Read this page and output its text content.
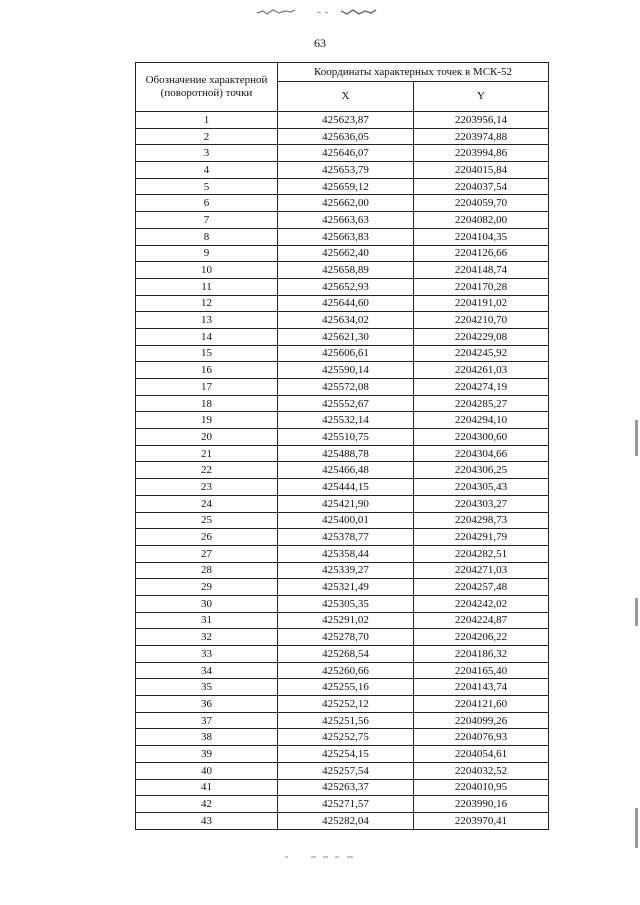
63
Обозначение характерной (поворотной) точки	Координаты характерных точек в МСК-52	
	X	Y
1	425623,87	2203956,14
2	425636,05	2203974,88
3	425646,07	2203994,86
4	425653,79	2204015,84
5	425659,12	2204037,54
6	425662,00	2204059,70
7	425663,63	2204082,00
8	425663,83	2204104,35
9	425662,40	2204126,66
10	425658,89	2204148,74
11	425652,93	2204170,28
12	425644,60	2204191,02
13	425634,02	2204210,70
14	425621,30	2204229,08
15	425606,61	2204245,92
16	425590,14	2204261,03
17	425572,08	2204274,19
18	425552,67	2204285,27
19	425532,14	2204294,10
20	425510,75	2204300,60
21	425488,78	2204304,66
22	425466,48	2204306,25
23	425444,15	2204305,43
24	425421,90	2204303,27
25	425400,01	2204298,73
26	425378,77	2204291,79
27	425358,44	2204282,51
28	425339,27	2204271,03
29	425321,49	2204257,48
30	425305,35	2204242,02
31	425291,02	2204224,87
32	425278,70	2204206,22
33	425268,54	2204186,32
34	425260,66	2204165,40
35	425255,16	2204143,74
36	425252,12	2204121,60
37	425251,56	2204099,26
38	425252,75	2204076,93
39	425254,15	2204054,61
40	425257,54	2204032,52
41	425263,37	2204010,95
42	425271,57	2203990,16
43	425282,04	2203970,41
